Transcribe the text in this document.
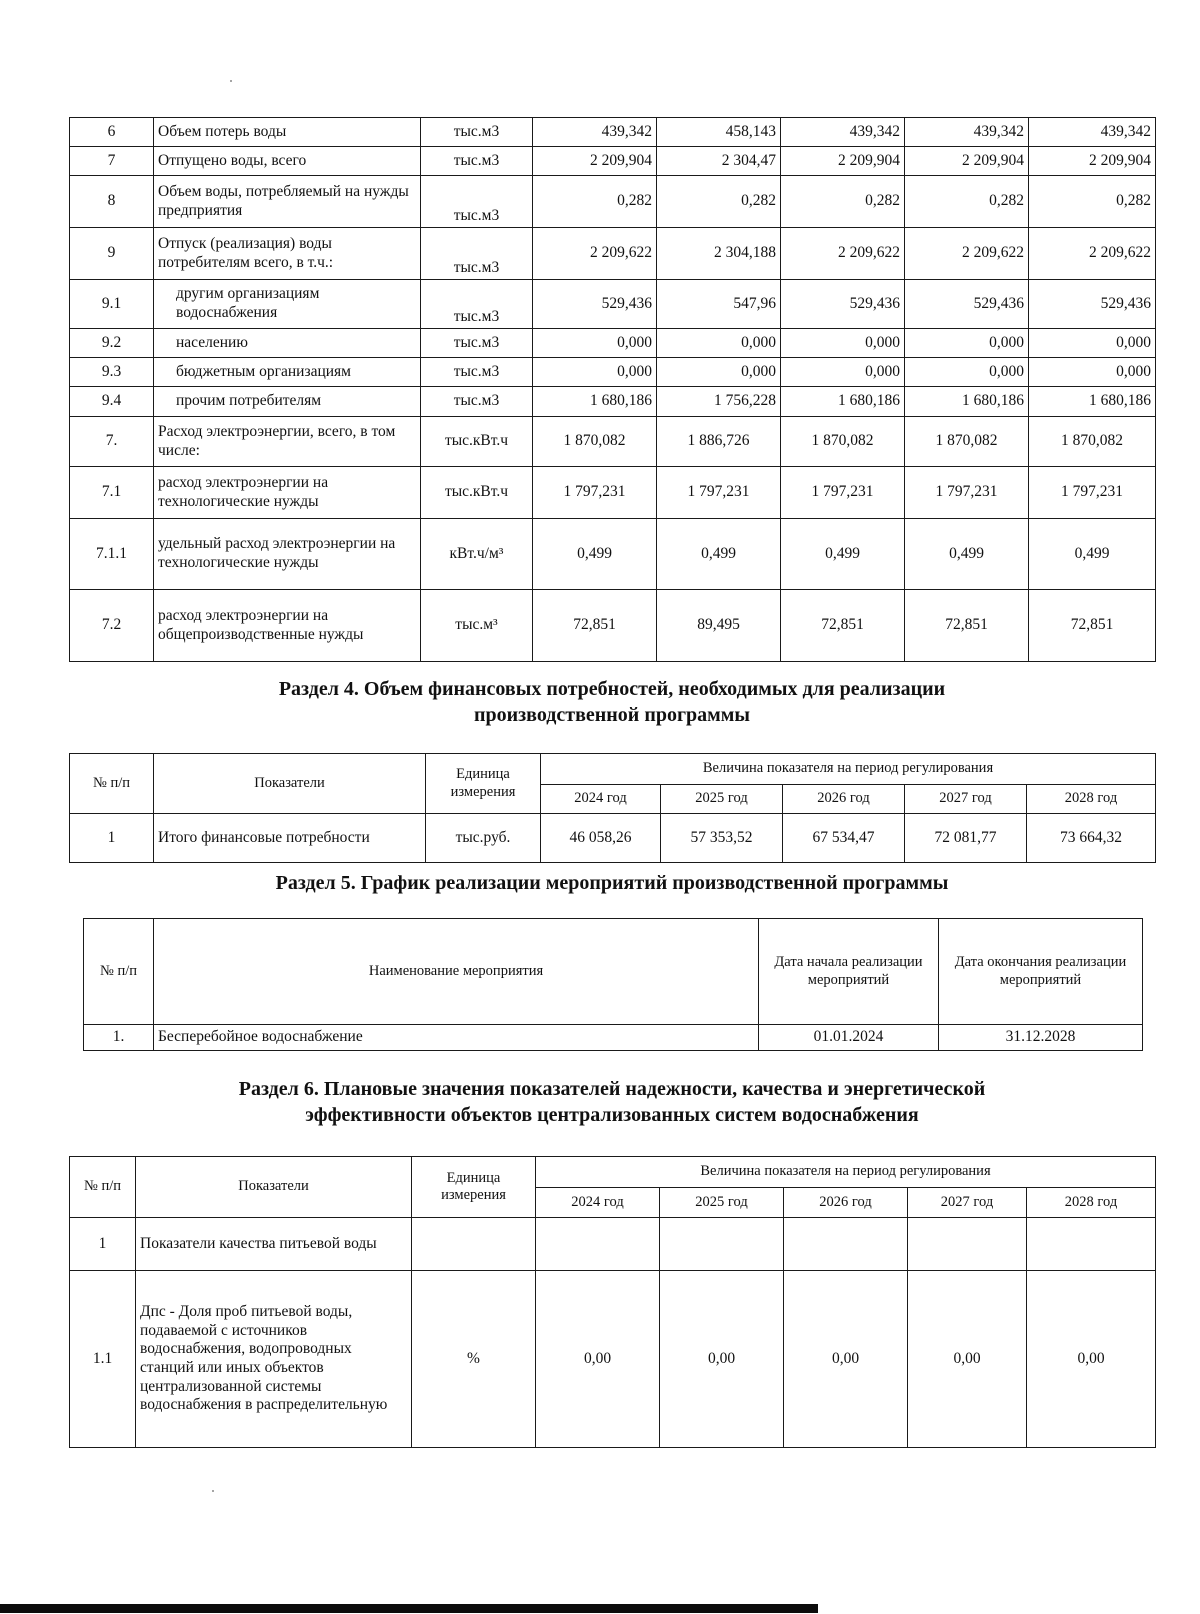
6	Объем потерь воды	тыс.м3	439,342	458,143	439,342	439,342	439,342
7	Отпущено воды, всего	тыс.м3	2 209,904	2 304,47	2 209,904	2 209,904	2 209,904
8	Объем воды, потребляемый на нужды предприятия	тыс.м3	0,282	0,282	0,282	0,282	0,282
9	Отпуск (реализация) воды потребителям всего, в т.ч.:	тыс.м3	2 209,622	2 304,188	2 209,622	2 209,622	2 209,622
9.1	другим организациям водоснабжения	тыс.м3	529,436	547,96	529,436	529,436	529,436
9.2	населению	тыс.м3	0,000	0,000	0,000	0,000	0,000
9.3	бюджетным организациям	тыс.м3	0,000	0,000	0,000	0,000	0,000
9.4	прочим потребителям	тыс.м3	1 680,186	1 756,228	1 680,186	1 680,186	1 680,186
7.	Расход электроэнергии, всего, в том числе:	тыс.кВт.ч	1 870,082	1 886,726	1 870,082	1 870,082	1 870,082
7.1	расход электроэнергии на технологические нужды	тыс.кВт.ч	1 797,231	1 797,231	1 797,231	1 797,231	1 797,231
7.1.1	удельный расход электроэнергии на технологические нужды	кВт.ч/м³	0,499	0,499	0,499	0,499	0,499
7.2	расход электроэнергии на общепроизводственные нужды	тыс.м³	72,851	89,495	72,851	72,851	72,851
Раздел 4. Объем финансовых потребностей, необходимых для реализации
производственной программы
№ п/п	Показатели	Единица измерения	Величина показателя на период регулирования				
			2024 год	2025 год	2026 год	2027 год	2028 год
1	Итого финансовые потребности	тыс.руб.	46 058,26	57 353,52	67 534,47	72 081,77	73 664,32
Раздел 5. График реализации мероприятий производственной программы
№ п/п	Наименование мероприятия	Дата начала реализации мероприятий	Дата окончания реализации мероприятий
1.	Бесперебойное водоснабжение	01.01.2024	31.12.2028
Раздел 6. Плановые значения показателей надежности, качества и энергетической
эффективности объектов централизованных систем водоснабжения
№ п/п	Показатели	Единица измерения	Величина показателя на период регулирования				
			2024 год	2025 год	2026 год	2027 год	2028 год
1	Показатели качества питьевой воды						
1.1	Дпс - Доля проб питьевой воды, подаваемой с источников водоснабжения, водопроводных станций или иных объектов централизованной системы водоснабжения в распределительную	%	0,00	0,00	0,00	0,00	0,00
